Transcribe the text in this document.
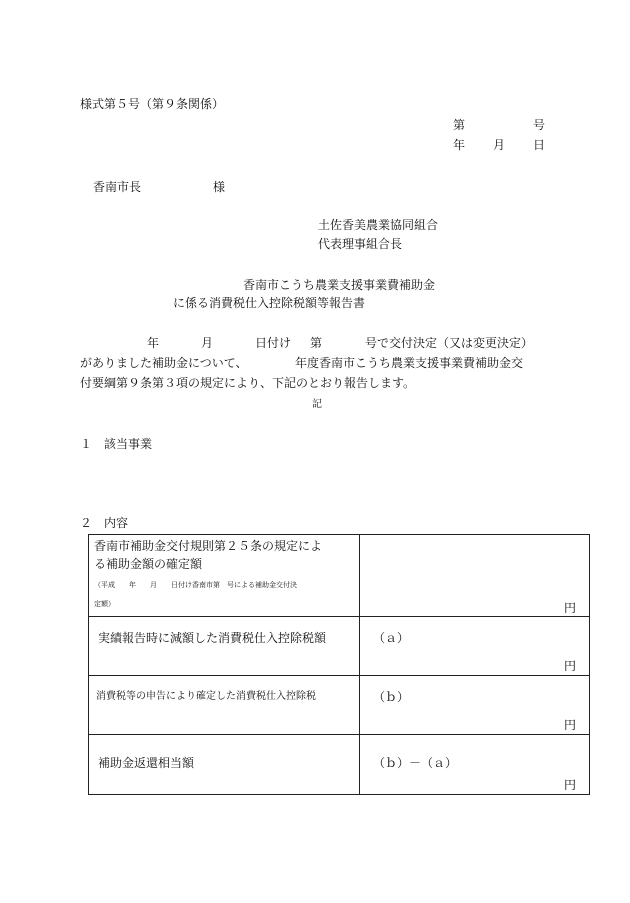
様式第５号（第９条関係）
第	号
年 月 日
香南市長	様
土佐香美農業協同組合
代表理事組合長
香南市こうち農業支援事業費補助金
に係る消費税仕入控除税額等報告書
年	月	日付け 第	号で交付決定（又は変更決定）
がありました補助金について、	年度香南市こうち農業支援事業費補助金交
付要綱第９条第３項の規定により、下記のとおり報告します。
記
１　該当事業
２　内容
香南市補助金交付規則第２５条の規定によ
る補助金額の確定額
（平成　　年　　月　　日付け香南市第　号による補助金交付決
定額）	円

実績報告時に減額した消費税仕入控除税額	（ａ）
円

消費税等の申告により確定した消費税仕入控除税	（ｂ）
円

補助金返還相当額	（ｂ）－（ａ）
円
